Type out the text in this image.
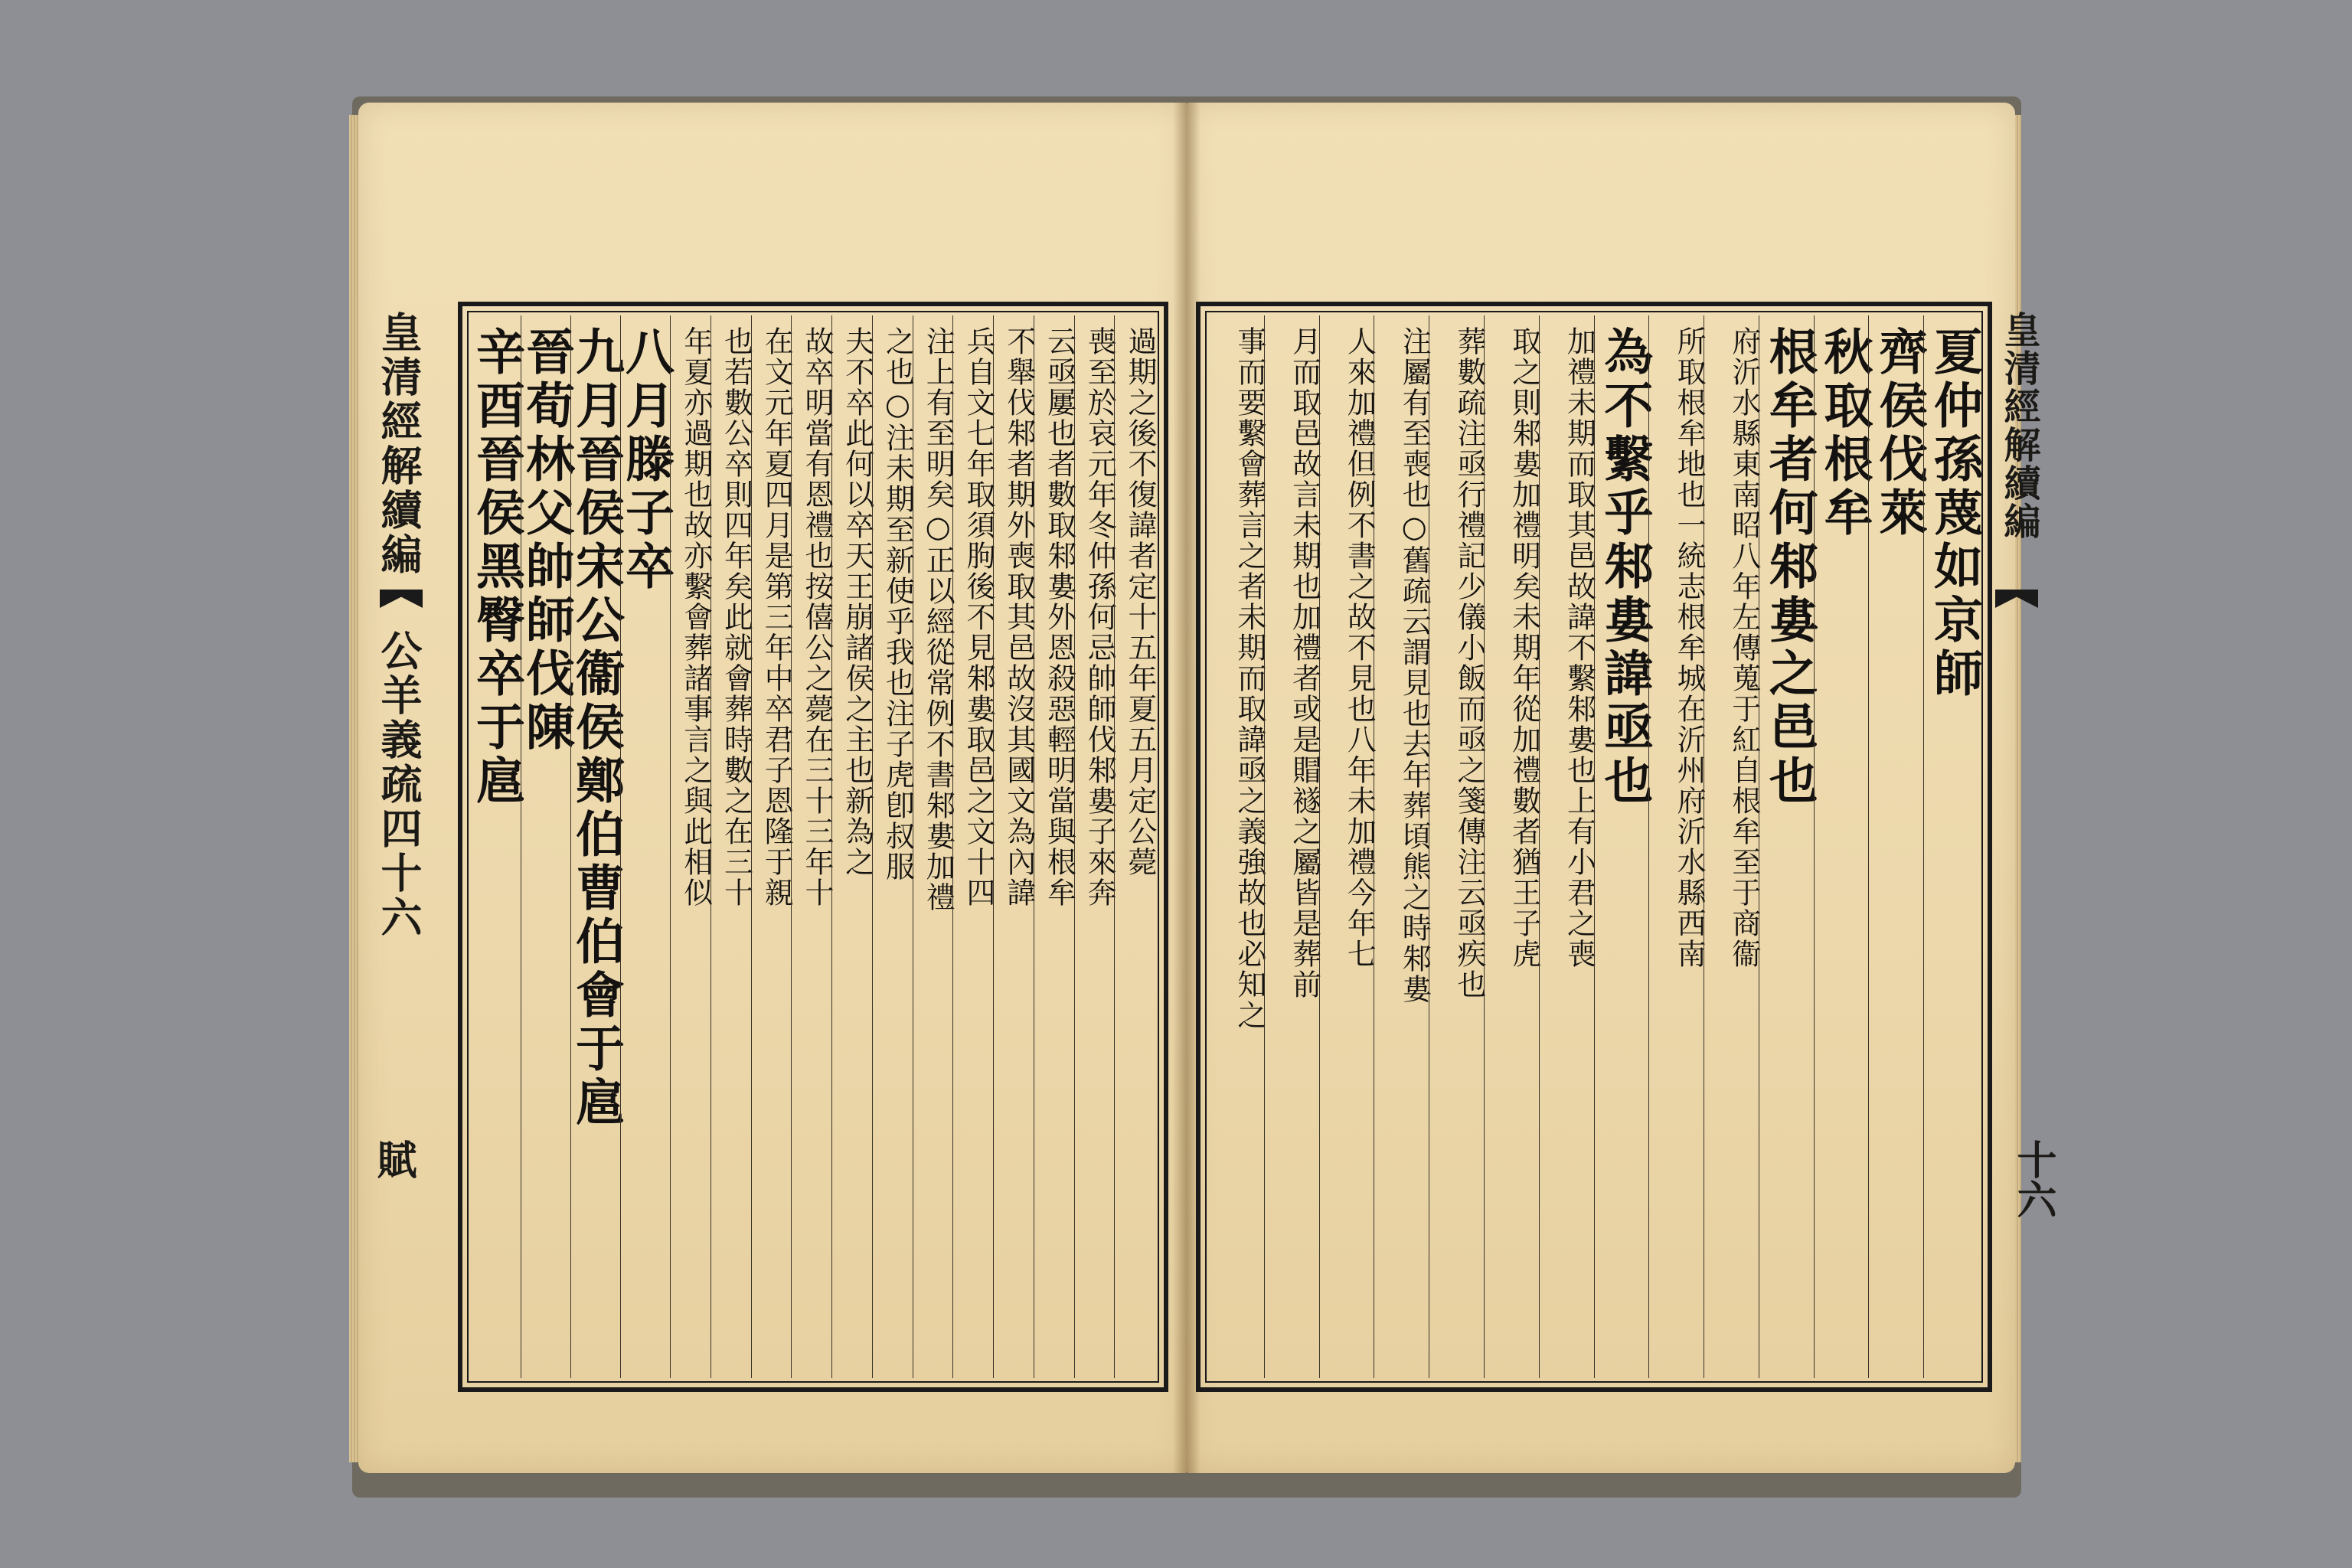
皇清經解續編 公羊義疏四十六
賦
皇清經解續編
十六
過期之後不復諱者定十五年夏五月定公薨
喪至於哀元年冬仲孫何忌帥師伐邾婁子來奔
云亟屢也者數取邾婁外恩殺惡輕明當與根牟
不舉伐邾者期外喪取其邑故沒其國文為內諱
兵自文七年取須朐後不見邾婁取邑之文十四
注上有至明矣○正以經從常例不書邾婁加禮
之也○注未期至新使乎我也注子虎卽叔服
夫不卒此何以卒天王崩諸侯之主也新為之
故卒明當有恩禮也按僖公之薨在三十三年十
在文元年夏四月是第三年中卒君子恩隆于親
也若數公卒則四年矣此就會葬時數之在三十
年夏亦過期也故亦繫會葬諸事言之與此相似
八月滕子卒
九月晉侯宋公衞侯鄭伯曹伯會于扈
晉荀林父帥師伐陳
辛酉晉侯黑臀卒于扈	夏仲孫蔑如京師
齊侯伐萊
秋取根牟
根牟者何邾婁之邑也
府沂水縣東南昭八年左傳蒐于紅自根牟至于商衞
所取根牟地也一統志根牟城在沂州府沂水縣西南
為不繫乎邾婁諱亟也
加禮未期而取其邑故諱不繫邾婁也上有小君之喪
取之則邾婁加禮明矣未期年從加禮數者猶王子虎
葬數疏注亟行禮記少儀小飯而亟之箋傳注云亟疾也
注屬有至喪也○舊疏云謂見也去年葬頃熊之時邾婁
人來加禮但例不書之故不見也八年未加禮今年七
月而取邑故言未期也加禮者或是賵襚之屬皆是葬前
事而要繫會葬言之者未期而取諱亟之義強故也必知之
